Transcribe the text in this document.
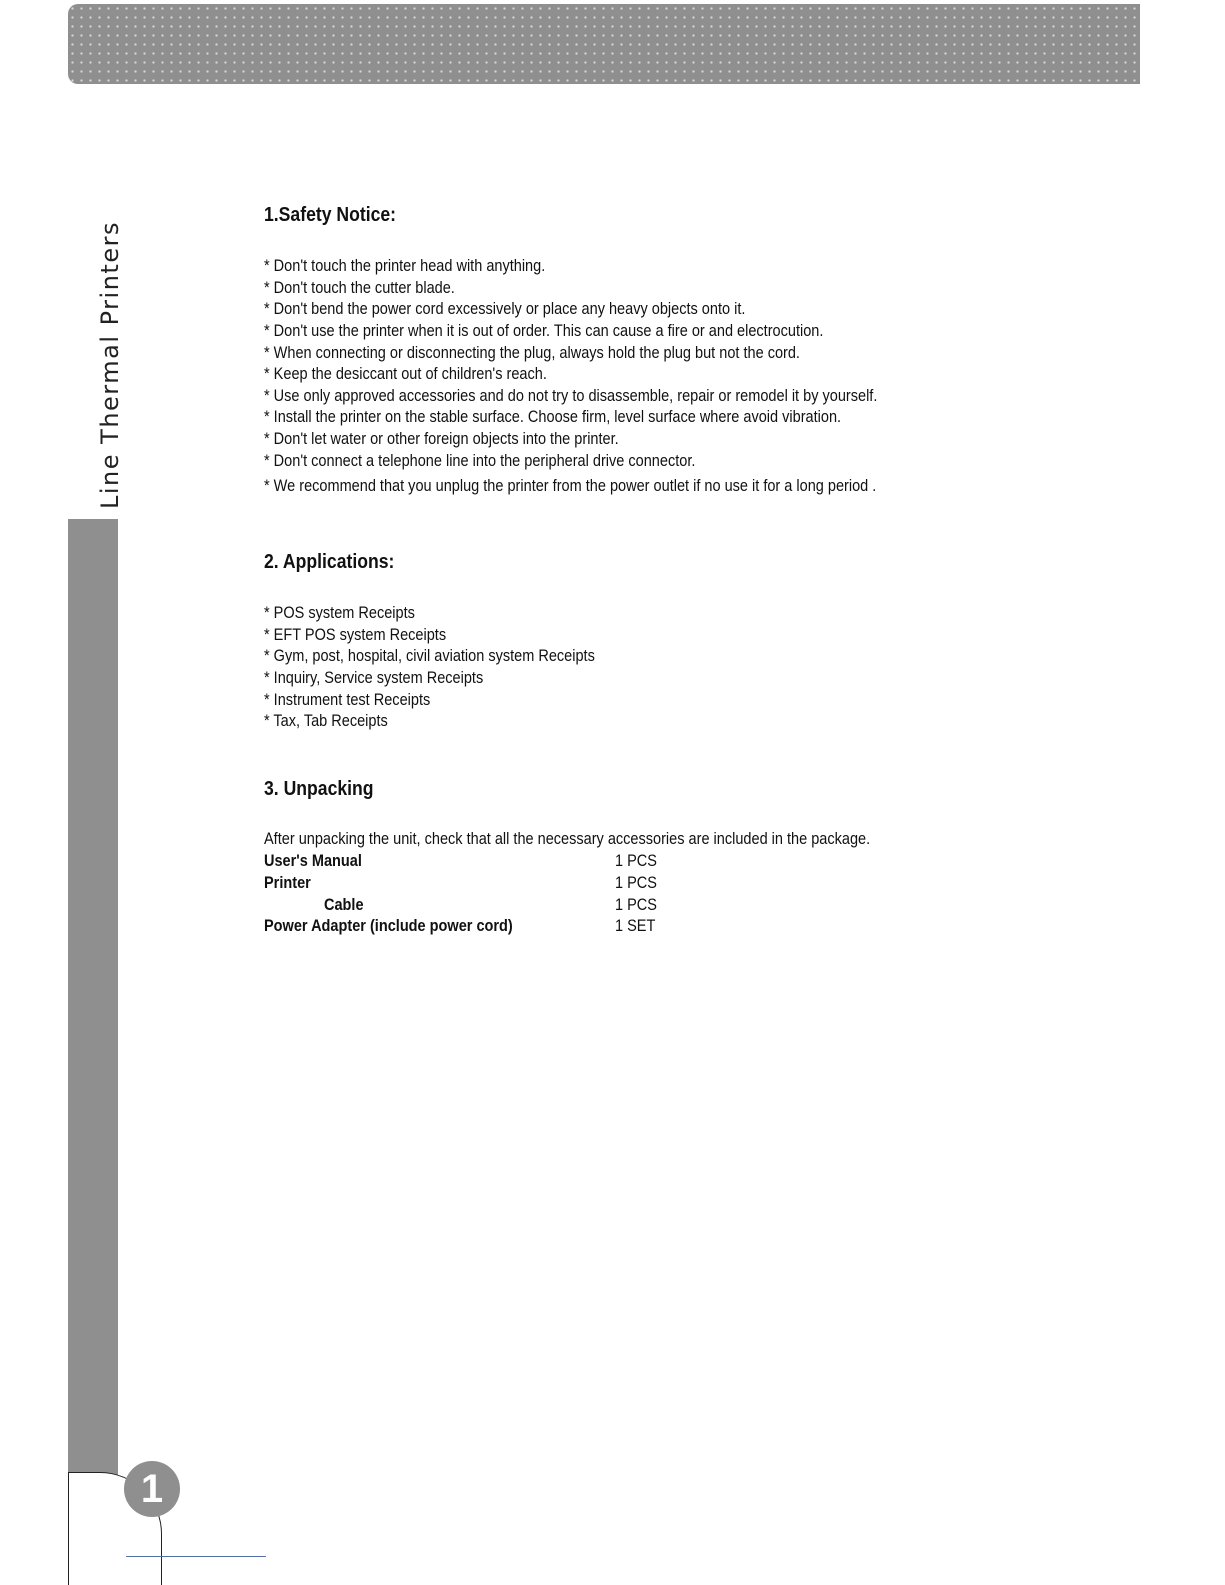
Line Thermal Printers
1.Safety Notice:
* Don't touch the printer head with anything.
* Don't touch the cutter blade.
* Don't bend the power cord excessively or place any heavy objects onto it.
* Don't use the printer when it is out of order. This can cause a fire or and electrocution.
* When connecting or disconnecting the plug, always hold the plug but not the cord.
* Keep the desiccant out of children's reach.
* Use only approved accessories and do not try to disassemble, repair or remodel it by yourself.
* Install the printer on the stable surface. Choose firm, level surface where avoid vibration.
* Don't let water or other foreign objects into the printer.
* Don't connect a telephone line into the peripheral drive connector.
* We recommend that you unplug the printer from the power outlet if no use it for a long period .
2. Applications:
* POS system Receipts
* EFT POS system Receipts
* Gym, post, hospital, civil aviation system Receipts
* Inquiry, Service system Receipts
* Instrument test Receipts
* Tax, Tab Receipts
3. Unpacking
After unpacking the unit, check that all the necessary accessories are included in the package.
User's Manual	1 PCS
Printer	1 PCS
Cable	1 PCS
Power Adapter (include power cord)	1 SET
1
